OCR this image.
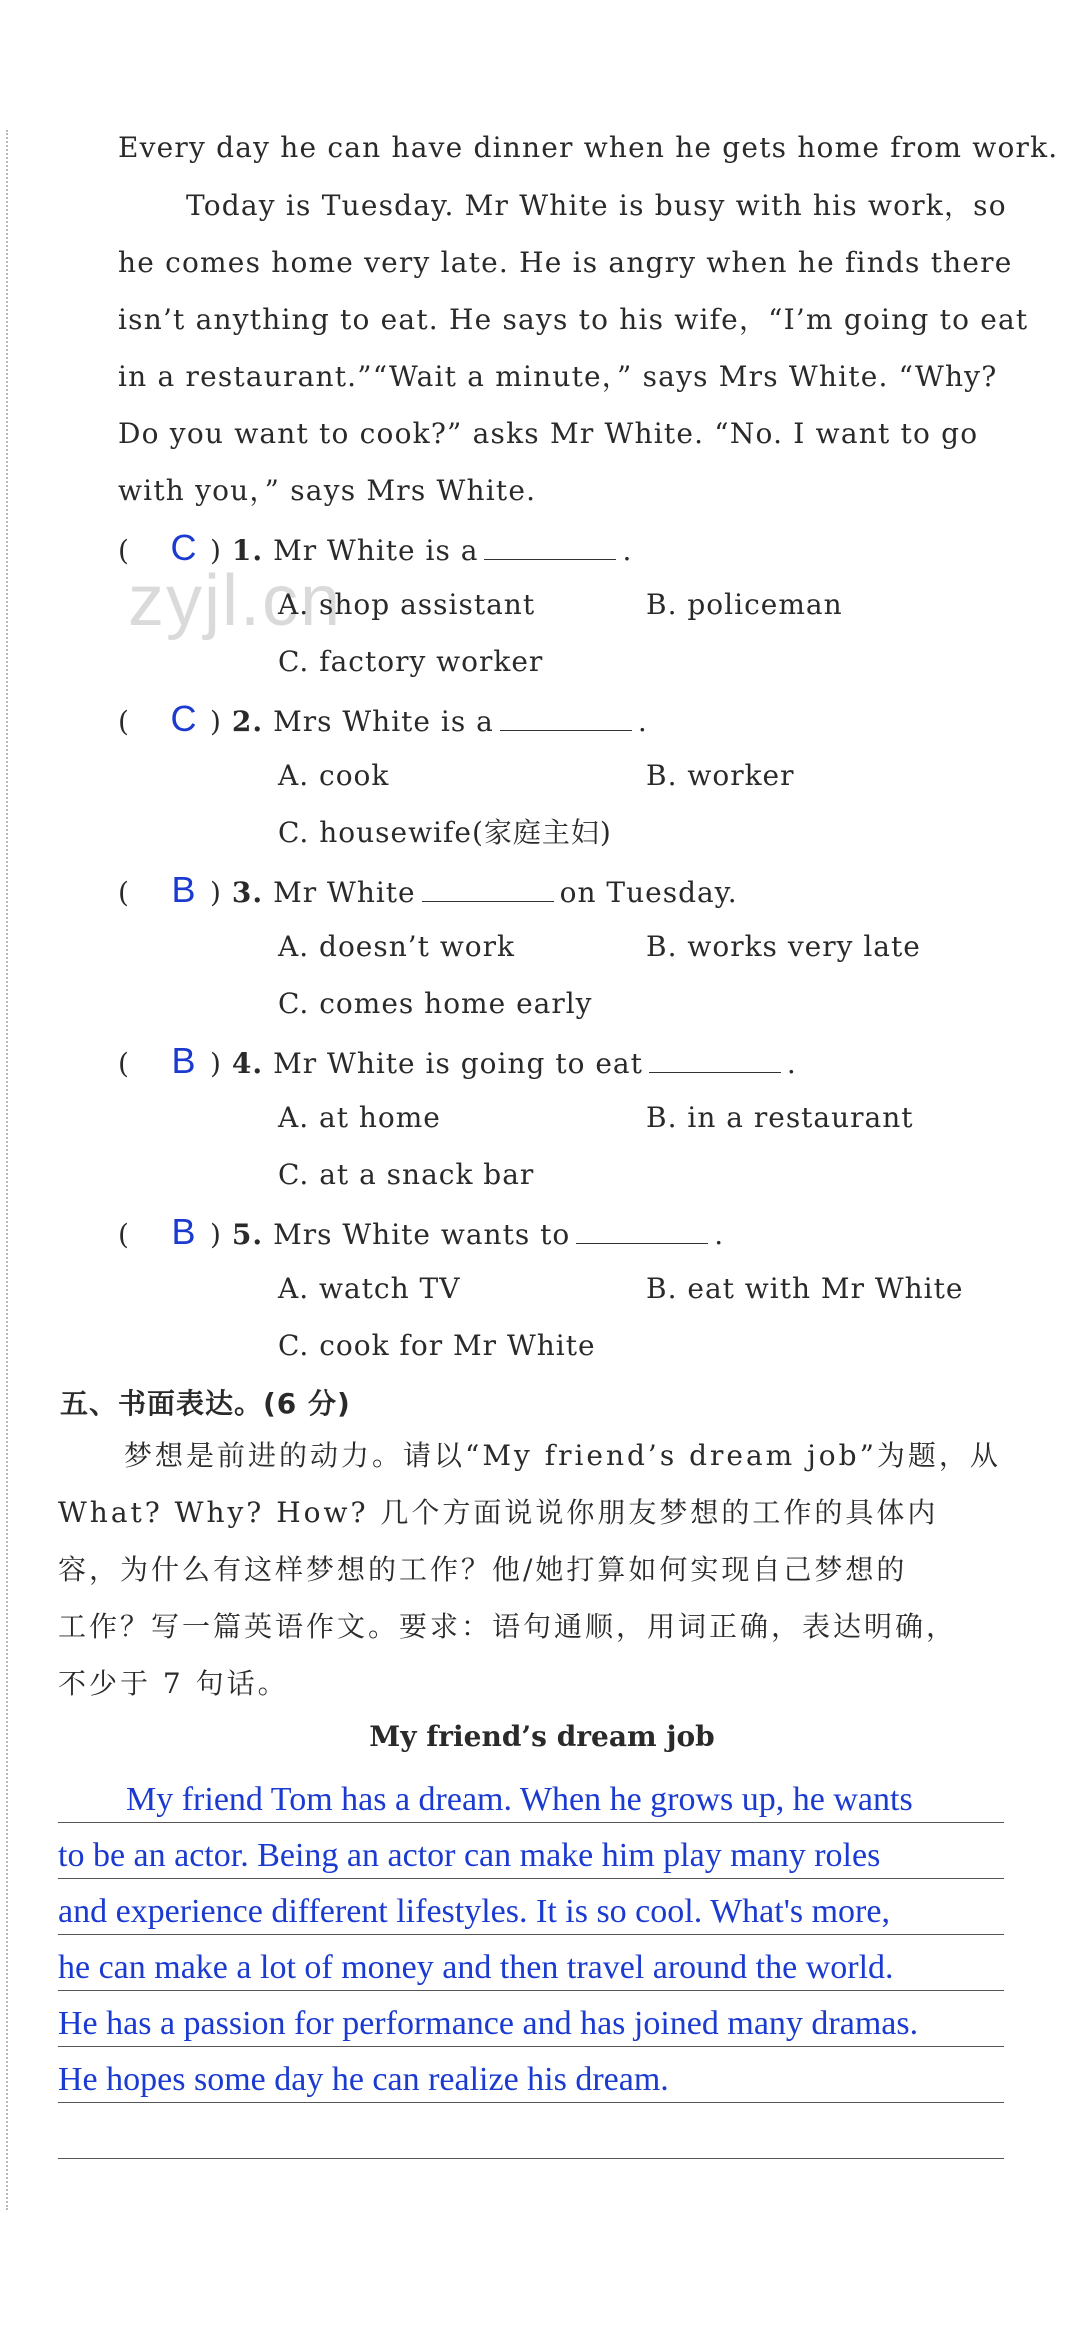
Every day he can have dinner when he gets home from work.
Today is Tuesday. Mr White is busy with his work，so
he comes home very late. He is angry when he finds there
isn’t anything to eat. He says to his wife，“I’m going to eat
in a restaurant.”“Wait a minute，” says Mrs White. “Why?
Do you want to cook?” asks Mr White. “No. I want to go
with you，” says Mrs White.
zyjl.cn
( C ) 1. Mr White is a	.
A. shop assistant	B. policeman
C. factory worker
( C ) 2. Mrs White is a	.
A. cook	B. worker
C. housewife(家庭主妇)
( B ) 3. Mr White	on Tuesday.
A. doesn’t work	B. works very late
C. comes home early
( B ) 4. Mr White is going to eat	.
A. at home	B. in a restaurant
C. at a snack bar
( B ) 5. Mrs White wants to	.
A. watch TV	B. eat with Mr White
C. cook for Mr White
五、书面表达。(6 分)
梦想是前进的动力。请以“My friend’s dream job”为题，从
What? Why? How? 几个方面说说你朋友梦想的工作的具体内
容，为什么有这样梦想的工作？他/她打算如何实现自己梦想的
工作？写一篇英语作文。要求：语句通顺，用词正确，表达明确，
不少于 7 句话。
My friend’s dream job
My friend Tom has a dream. When he grows up, he wants
to be an actor. Being an actor can make him play many roles
and experience different lifestyles. It is so cool. What's more,
he can make a lot of money and then travel around the world.
He has a passion for performance and has joined many dramas.
He hopes some day he can realize his dream.
